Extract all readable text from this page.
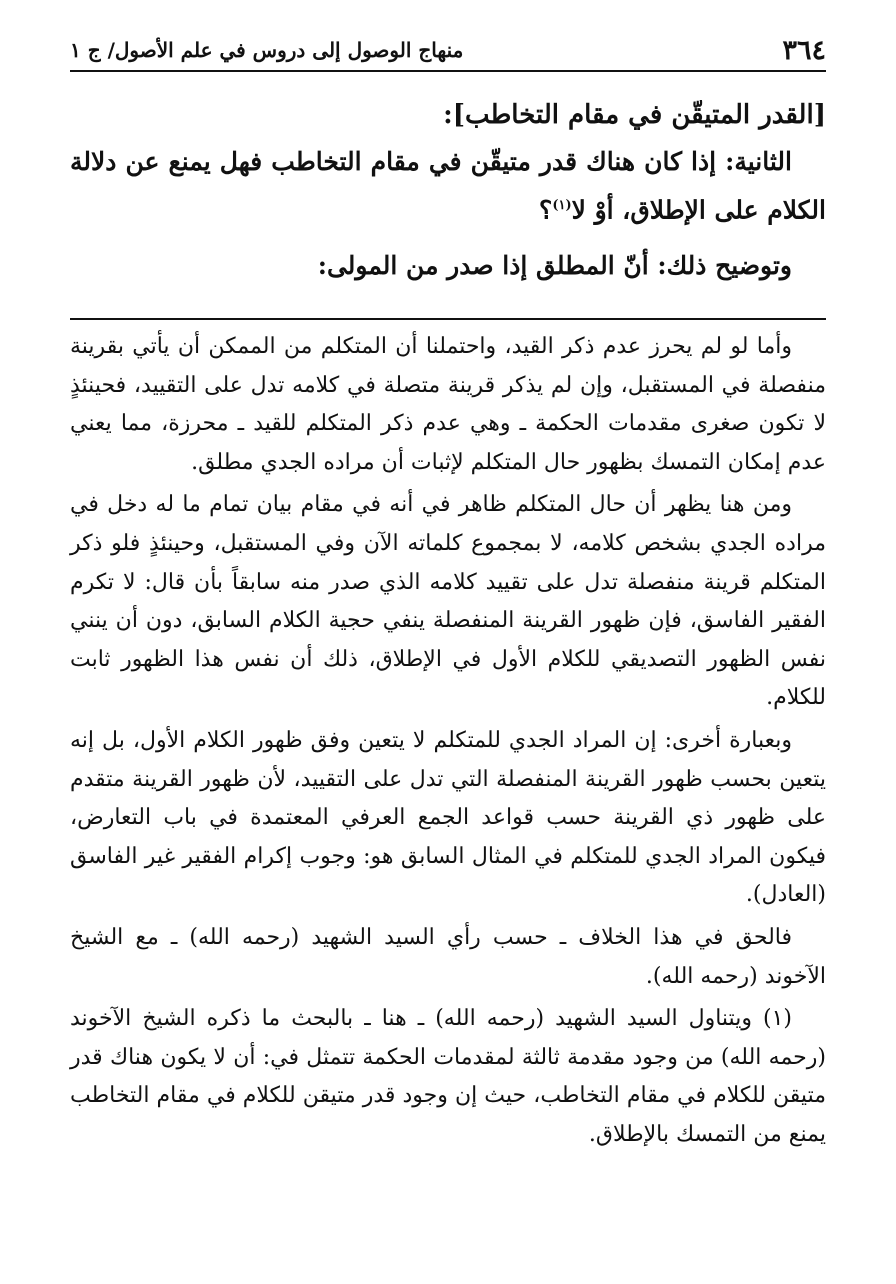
٣٦٤
منهاج الوصول إلى دروس في علم الأصول/ ج ١

[القدر المتيقّن في مقام التخاطب]:

الثانية: إذا كان هناك قدر متيقّن في مقام التخاطب فهل يمنع عن دلالة الكلام على الإطلاق، أوْ لا$^{(١)}$؟

وتوضيح ذلك: أنّ المطلق إذا صدر من المولى:

وأما لو لم يحرز عدم ذكر القيد، واحتملنا أن المتكلم من الممكن أن يأتي بقرينة منفصلة في المستقبل، وإن لم يذكر قرينة متصلة في كلامه تدل على التقييد، فحينئذٍ لا تكون صغرى مقدمات الحكمة ـ وهي عدم ذكر المتكلم للقيد ـ محرزة، مما يعني عدم إمكان التمسك بظهور حال المتكلم لإثبات أن مراده الجدي مطلق.

ومن هنا يظهر أن حال المتكلم ظاهر في أنه في مقام بيان تمام ما له دخل في مراده الجدي بشخص كلامه، لا بمجموع كلماته الآن وفي المستقبل، وحينئذٍ فلو ذكر المتكلم قرينة منفصلة تدل على تقييد كلامه الذي صدر منه سابقاً بأن قال: لا تكرم الفقير الفاسق، فإن ظهور القرينة المنفصلة ينفي حجية الكلام السابق، دون أن ينني نفس الظهور التصديقي للكلام الأول في الإطلاق، ذلك أن نفس هذا الظهور ثابت للكلام.

وبعبارة أخرى: إن المراد الجدي للمتكلم لا يتعين وفق ظهور الكلام الأول، بل إنه يتعين بحسب ظهور القرينة المنفصلة التي تدل على التقييد، لأن ظهور القرينة متقدم على ظهور ذي القرينة حسب قواعد الجمع العرفي المعتمدة في باب التعارض، فيكون المراد الجدي للمتكلم في المثال السابق هو: وجوب إكرام الفقير غير الفاسق (العادل).

فالحق في هذا الخلاف ـ حسب رأي السيد الشهيد (رحمه الله) ـ مع الشيخ الآخوند (رحمه الله).

(١) ويتناول السيد الشهيد (رحمه الله) ـ هنا ـ بالبحث ما ذكره الشيخ الآخوند (رحمه الله) من وجود مقدمة ثالثة لمقدمات الحكمة تتمثل في: أن لا يكون هناك قدر متيقن للكلام في مقام التخاطب، حيث إن وجود قدر متيقن للكلام في مقام التخاطب يمنع من التمسك بالإطلاق.
